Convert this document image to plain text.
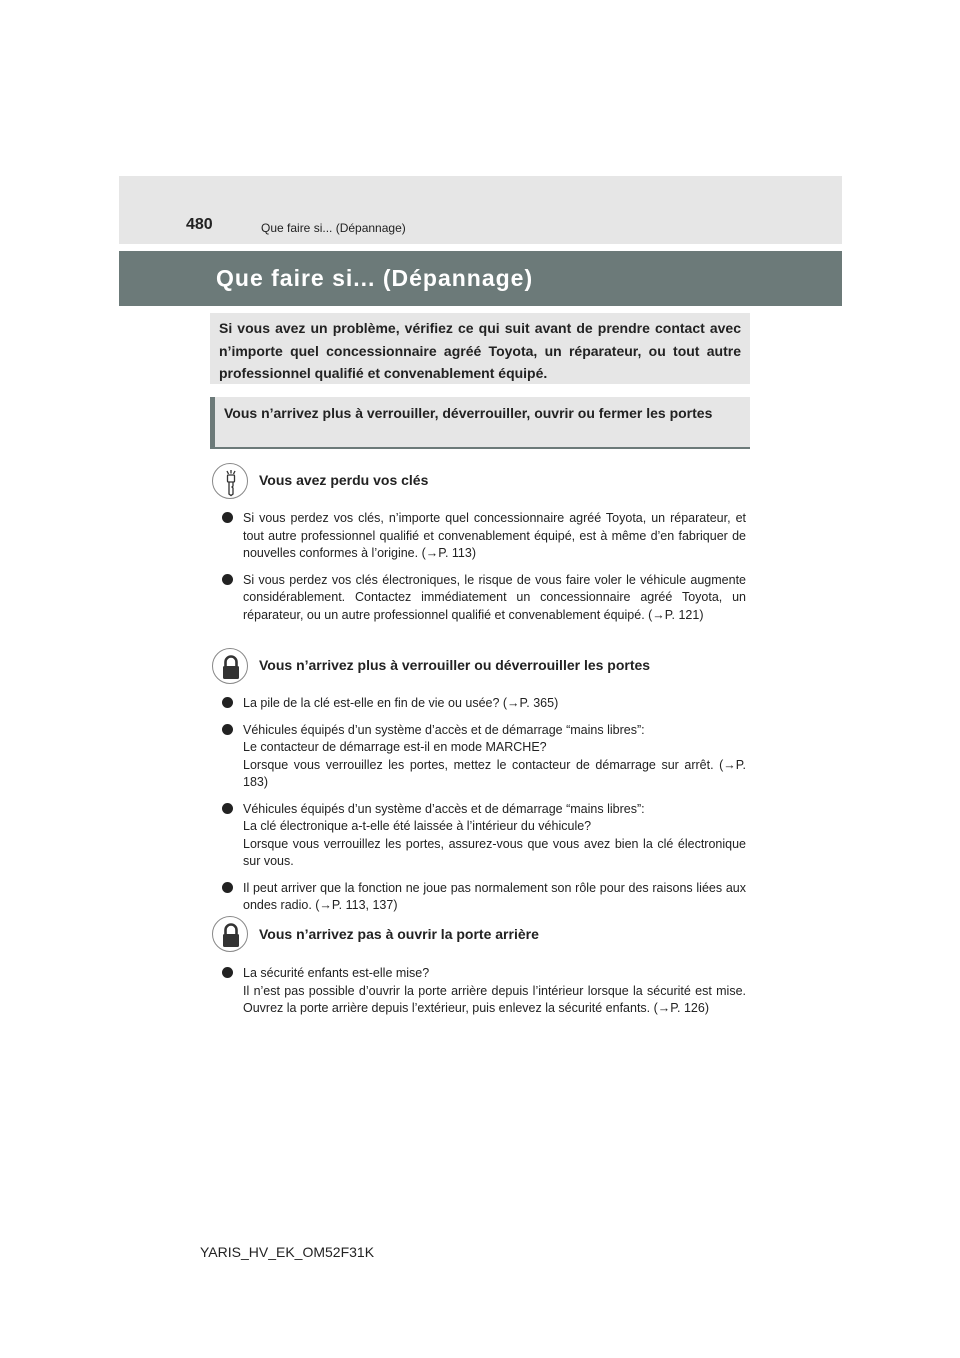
480	Que faire si... (Dépannage)
Que faire si... (Dépannage)
Si vous avez un problème, vérifiez ce qui suit avant de prendre contact avec n’importe quel concessionnaire agréé Toyota, un réparateur, ou tout autre professionnel qualifié et convenablement équipé.
Vous n’arrivez plus à verrouiller, déverrouiller, ouvrir ou fermer les portes
Vous avez perdu vos clés
Si vous perdez vos clés, n’importe quel concessionnaire agréé Toyota, un réparateur, et tout autre professionnel qualifié et convenablement équipé, est à même d’en fabriquer de nouvelles conformes à l’origine. (→P. 113)
Si vous perdez vos clés électroniques, le risque de vous faire voler le véhicule augmente considérablement. Contactez immédiatement un concessionnaire agréé Toyota, un réparateur, ou un autre professionnel qualifié et convenablement équipé. (→P. 121)
Vous n’arrivez plus à verrouiller ou déverrouiller les portes
La pile de la clé est-elle en fin de vie ou usée? (→P. 365)
Véhicules équipés d’un système d’accès et de démarrage “mains libres”:
Le contacteur de démarrage est-il en mode MARCHE?
Lorsque vous verrouillez les portes, mettez le contacteur de démarrage sur arrêt. (→P. 183)
Véhicules équipés d’un système d’accès et de démarrage “mains libres”:
La clé électronique a-t-elle été laissée à l’intérieur du véhicule?
Lorsque vous verrouillez les portes, assurez-vous que vous avez bien la clé électronique sur vous.
Il peut arriver que la fonction ne joue pas normalement son rôle pour des raisons liées aux ondes radio. (→P. 113, 137)
Vous n’arrivez pas à ouvrir la porte arrière
La sécurité enfants est-elle mise?
Il n’est pas possible d’ouvrir la porte arrière depuis l’intérieur lorsque la sécurité est mise. Ouvrez la porte arrière depuis l’extérieur, puis enlevez la sécurité enfants. (→P. 126)
YARIS_HV_EK_OM52F31K
